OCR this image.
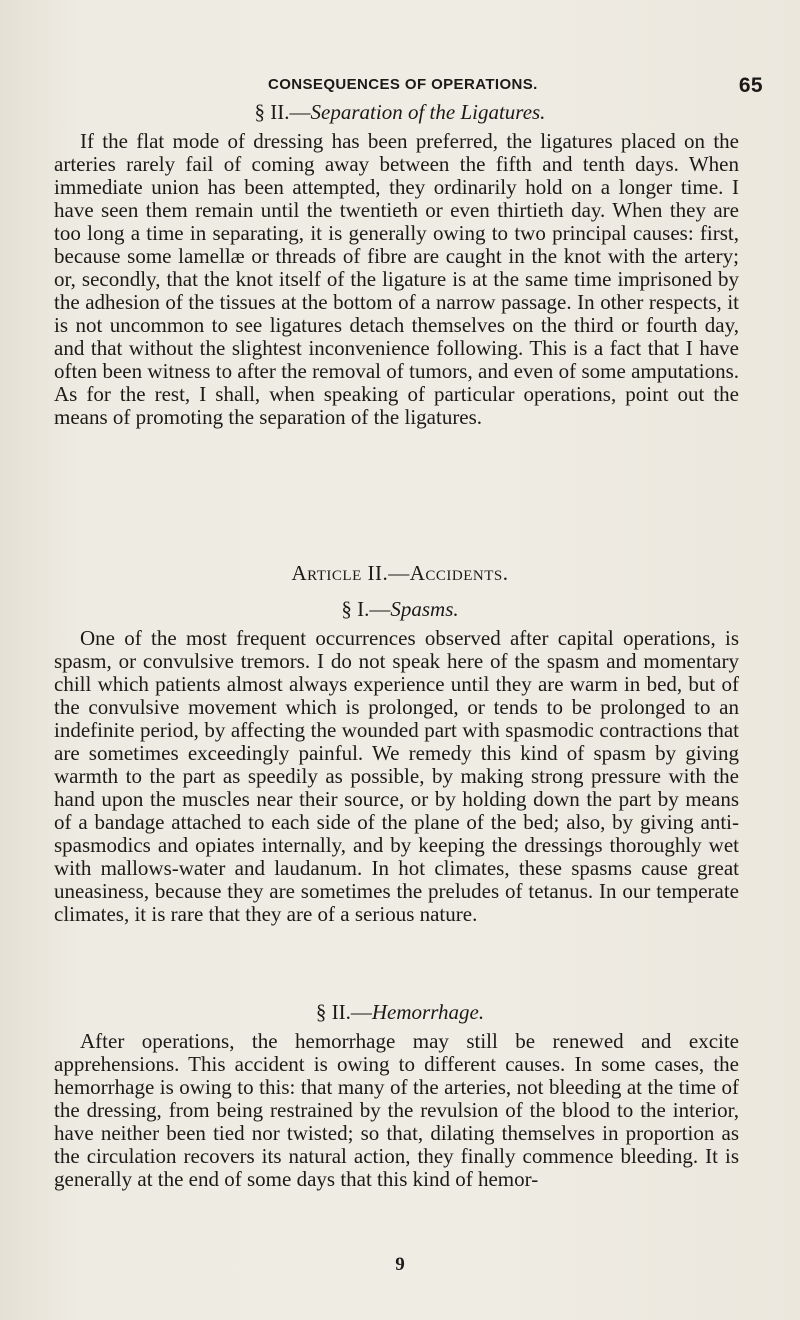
CONSEQUENCES OF OPERATIONS.	65
§ II.—Separation of the Ligatures.

If the flat mode of dressing has been preferred, the ligatures placed on the arteries rarely fail of coming away between the fifth and tenth days. When immediate union has been attempted, they ordinarily hold on a longer time. I have seen them remain until the twentieth or even thirtieth day. When they are too long a time in separating, it is generally owing to two principal causes: first, because some lamellæ or threads of fibre are caught in the knot with the artery; or, secondly, that the knot itself of the ligature is at the same time imprisoned by the adhesion of the tissues at the bottom of a narrow passage. In other respects, it is not uncommon to see ligatures detach themselves on the third or fourth day, and that without the slightest inconvenience following. This is a fact that I have often been witness to after the removal of tumors, and even of some amputations. As for the rest, I shall, when speaking of particular operations, point out the means of promoting the separation of the ligatures.

Article II.—Accidents.
§ I.—Spasms.

One of the most frequent occurrences observed after capital operations, is spasm, or convulsive tremors. I do not speak here of the spasm and momentary chill which patients almost always experience until they are warm in bed, but of the convulsive movement which is prolonged, or tends to be prolonged to an indefinite period, by affecting the wounded part with spasmodic contractions that are sometimes exceedingly painful. We remedy this kind of spasm by giving warmth to the part as speedily as possible, by making strong pressure with the hand upon the muscles near their source, or by holding down the part by means of a bandage attached to each side of the plane of the bed; also, by giving anti-spasmodics and opiates internally, and by keeping the dressings thoroughly wet with mallows-water and laudanum. In hot climates, these spasms cause great uneasiness, because they are sometimes the preludes of tetanus. In our temperate climates, it is rare that they are of a serious nature.

§ II.—Hemorrhage.

After operations, the hemorrhage may still be renewed and excite apprehensions. This accident is owing to different causes. In some cases, the hemorrhage is owing to this: that many of the arteries, not bleeding at the time of the dressing, from being restrained by the revulsion of the blood to the interior, have neither been tied nor twisted; so that, dilating themselves in proportion as the circulation recovers its natural action, they finally commence bleeding. It is generally at the end of some days that this kind of hemor-

9
